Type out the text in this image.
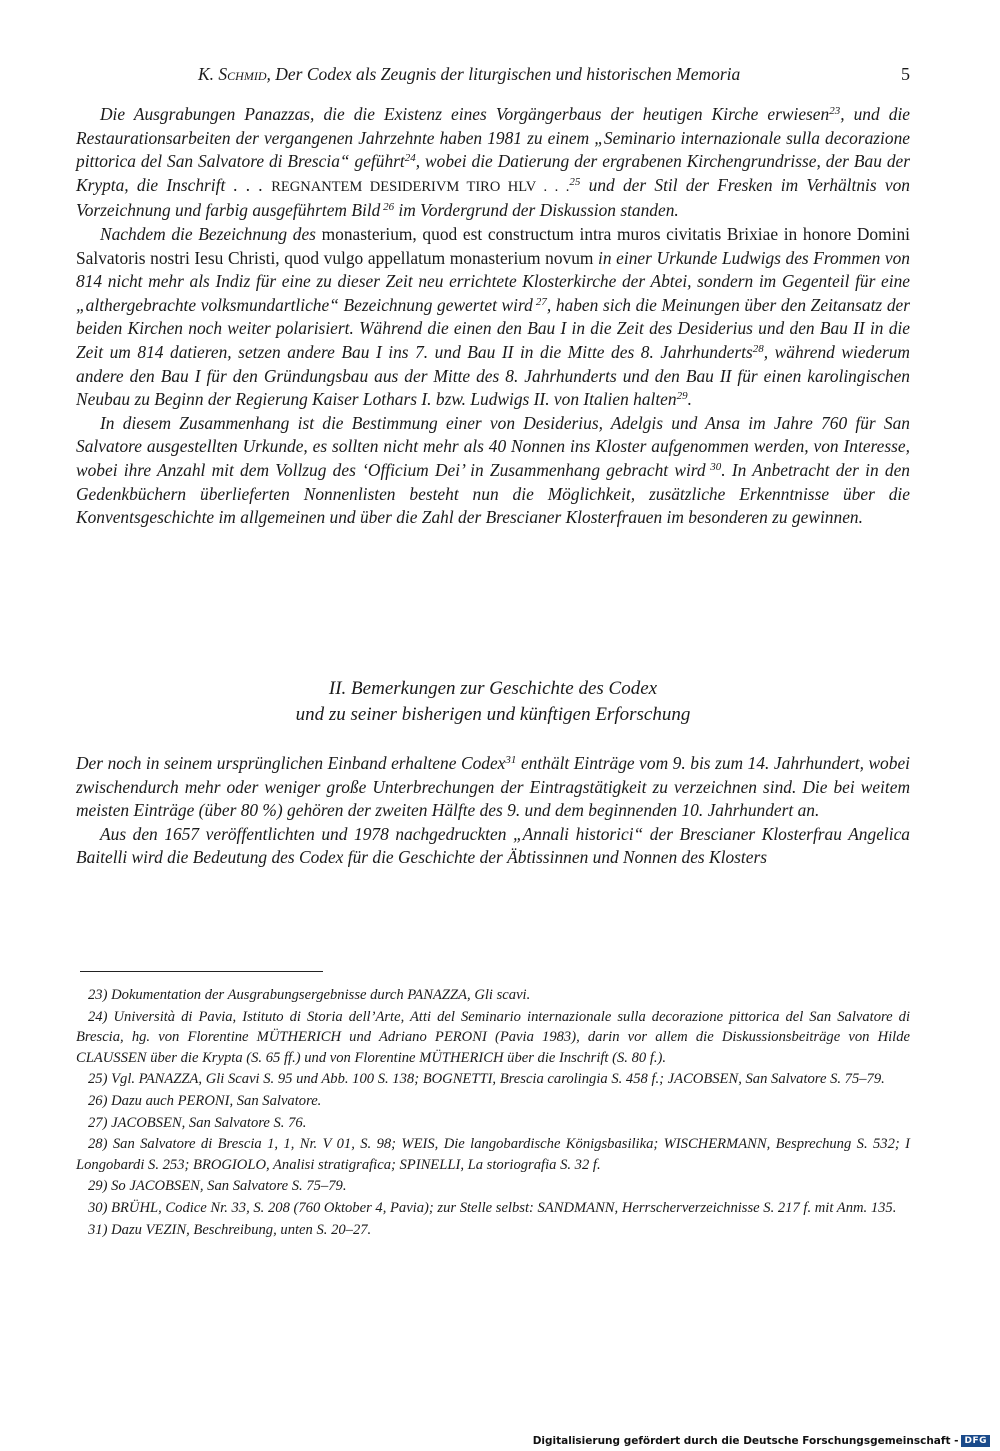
K. Schmid, Der Codex als Zeugnis der liturgischen und historischen Memoria	5

Die Ausgrabungen Panazzas, die die Existenz eines Vorgängerbaus der heutigen Kirche erwiesen$^{23}$, und die Restaurationsarbeiten der vergangenen Jahrzehnte haben 1981 zu einem „Seminario internazionale sulla decorazione pittorica del San Salvatore di Brescia“ geführt$^{24}$, wobei die Datierung der ergrabenen Kirchengrundrisse, der Bau der Krypta, die Inschrift . . . REGNANTEM DESIDERIVM TIRO HLV . . .$^{25}$ und der Stil der Fresken im Verhältnis von Vorzeichnung und farbig ausgeführtem Bild $^{26}$ im Vordergrund der Diskussion standen.

Nachdem die Bezeichnung des monasterium, quod est constructum intra muros civitatis Brixiae in honore Domini Salvatoris nostri Iesu Christi, quod vulgo appellatum monasterium novum in einer Urkunde Ludwigs des Frommen von 814 nicht mehr als Indiz für eine zu dieser Zeit neu errichtete Klosterkirche der Abtei, sondern im Gegenteil für eine „althergebrachte volksmundartliche“ Bezeichnung gewertet wird $^{27}$, haben sich die Meinungen über den Zeitansatz der beiden Kirchen noch weiter polarisiert. Während die einen den Bau I in die Zeit des Desiderius und den Bau II in die Zeit um 814 datieren, setzen andere Bau I ins 7. und Bau II in die Mitte des 8. Jahrhunderts$^{28}$, während wiederum andere den Bau I für den Gründungsbau aus der Mitte des 8. Jahrhunderts und den Bau II für einen karolingischen Neubau zu Beginn der Regierung Kaiser Lothars I. bzw. Ludwigs II. von Italien halten$^{29}$.

In diesem Zusammenhang ist die Bestimmung einer von Desiderius, Adelgis und Ansa im Jahre 760 für San Salvatore ausgestellten Urkunde, es sollten nicht mehr als 40 Nonnen ins Kloster aufgenommen werden, von Interesse, wobei ihre Anzahl mit dem Vollzug des ‘Officium Dei’ in Zusammenhang gebracht wird $^{30}$. In Anbetracht der in den Gedenkbüchern überlieferten Nonnenlisten besteht nun die Möglichkeit, zusätzliche Erkenntnisse über die Konventsgeschichte im allgemeinen und über die Zahl der Brescianer Klosterfrauen im besonderen zu gewinnen.

II. Bemerkungen zur Geschichte des Codex
und zu seiner bisherigen und künftigen Erforschung

Der noch in seinem ursprünglichen Einband erhaltene Codex$^{31}$ enthält Einträge vom 9. bis zum 14. Jahrhundert, wobei zwischendurch mehr oder weniger große Unterbrechungen der Eintragstätigkeit zu verzeichnen sind. Die bei weitem meisten Einträge (über 80 %) gehören der zweiten Hälfte des 9. und dem beginnenden 10. Jahrhundert an.

Aus den 1657 veröffentlichten und 1978 nachgedruckten „Annali historici“ der Brescianer Klosterfrau Angelica Baitelli wird die Bedeutung des Codex für die Geschichte der Äbtissinnen und Nonnen des Klosters

23) Dokumentation der Ausgrabungsergebnisse durch PANAZZA, Gli scavi.

24) Università di Pavia, Istituto di Storia dell’Arte, Atti del Seminario internazionale sulla decorazione pittorica del San Salvatore di Brescia, hg. von Florentine MÜTHERICH und Adriano PERONI (Pavia 1983), darin vor allem die Diskussionsbeiträge von Hilde CLAUSSEN über die Krypta (S. 65 ff.) und von Florentine MÜTHERICH über die Inschrift (S. 80 f.).

25) Vgl. PANAZZA, Gli Scavi S. 95 und Abb. 100 S. 138; BOGNETTI, Brescia carolingia S. 458 f.; JACOBSEN, San Salvatore S. 75–79.

26) Dazu auch PERONI, San Salvatore.

27) JACOBSEN, San Salvatore S. 76.

28) San Salvatore di Brescia 1, 1, Nr. V 01, S. 98; WEIS, Die langobardische Königsbasilika; WISCHERMANN, Besprechung S. 532; I Longobardi S. 253; BROGIOLO, Analisi stratigrafica; SPINELLI, La storiografia S. 32 f.

29) So JACOBSEN, San Salvatore S. 75–79.

30) BRÜHL, Codice Nr. 33, S. 208 (760 Oktober 4, Pavia); zur Stelle selbst: SANDMANN, Herrscherverzeichnisse S. 217 f. mit Anm. 135.

31) Dazu VEZIN, Beschreibung, unten S. 20–27.

Digitalisierung gefördert durch die Deutsche Forschungsgemeinschaft - DFG
